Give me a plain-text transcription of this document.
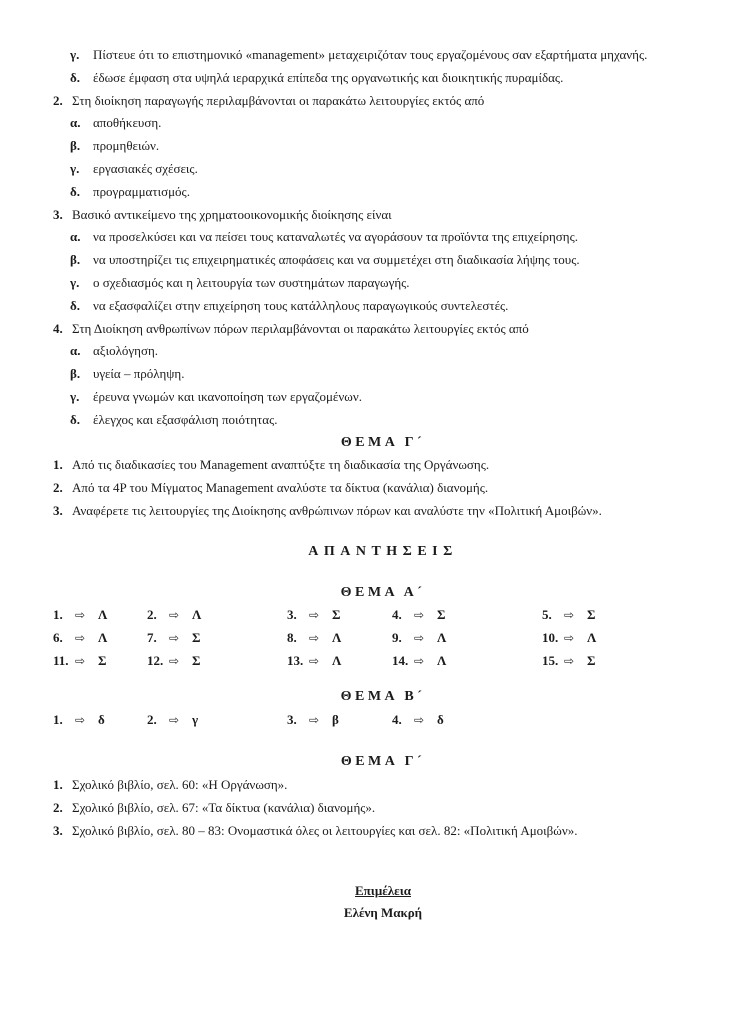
γ.	Πίστευε ότι το επιστημονικό «management» μεταχειριζόταν τους εργαζομένους σαν εξαρτήματα μηχανής.
δ.	έδωσε έμφαση στα υψηλά ιεραρχικά επίπεδα της οργανωτικής και διοικητικής πυραμίδας.
2. Στη διοίκηση παραγωγής περιλαμβάνονται οι παρακάτω λειτουργίες εκτός από
α. αποθήκευση.
β. προμηθειών.
γ.	εργασιακές σχέσεις.
δ.	προγραμματισμός.
3. Βασικό αντικείμενο της χρηματοοικονομικής διοίκησης είναι
α. να προσελκύσει και να πείσει τους καταναλωτές να αγοράσουν τα προϊόντα της επιχείρησης.
β. να υποστηρίζει τις επιχειρηματικές αποφάσεις και να συμμετέχει στη διαδικασία λήψης τους.
γ.	ο σχεδιασμός και η λειτουργία των συστημάτων παραγωγής.
δ.	να εξασφαλίζει στην επιχείρηση τους κατάλληλους παραγωγικούς συντελεστές.
4. Στη Διοίκηση ανθρωπίνων πόρων περιλαμβάνονται οι παρακάτω λειτουργίες εκτός από
α. αξιολόγηση.
β. υγεία – πρόληψη.
γ.	έρευνα γνωμών και ικανοποίηση των εργαζομένων.
δ.	έλεγχος και εξασφάλιση ποιότητας.
ΘΕΜΑ Γ´
1. Από τις διαδικασίες του Management αναπτύξτε τη διαδικασία της Οργάνωσης.
2. Από τα 4P του Μίγματος Management αναλύστε τα δίκτυα (κανάλια) διανομής.
3. Αναφέρετε τις λειτουργίες της Διοίκησης ανθρώπινων πόρων και αναλύστε την «Πολιτική Αμοιβών».
ΑΠΑΝΤΗΣΕΙΣ
ΘΕΜΑ Α´
1.	⇨ Λ	2.	⇨ Λ	3.	⇨ Σ	4.	⇨ Σ	5.	⇨ Σ
6.	⇨ Λ	7.	⇨ Σ	8.	⇨ Λ	9.	⇨ Λ	10. ⇨ Λ
11. ⇨ Σ	12. ⇨ Σ	13. ⇨ Λ	14. ⇨ Λ	15. ⇨ Σ
ΘΕΜΑ Β´
1.	⇨ δ	2.	⇨ γ	3.	⇨ β	4.	⇨ δ
ΘΕΜΑ Γ´
1. Σχολικό βιβλίο, σελ. 60: «Η Οργάνωση».
2. Σχολικό βιβλίο, σελ. 67: «Τα δίκτυα (κανάλια) διανομής».
3. Σχολικό βιβλίο, σελ. 80 – 83: Ονομαστικά όλες οι λειτουργίες και σελ. 82: «Πολιτική Αμοιβών».
Επιμέλεια
Ελένη Μακρή
